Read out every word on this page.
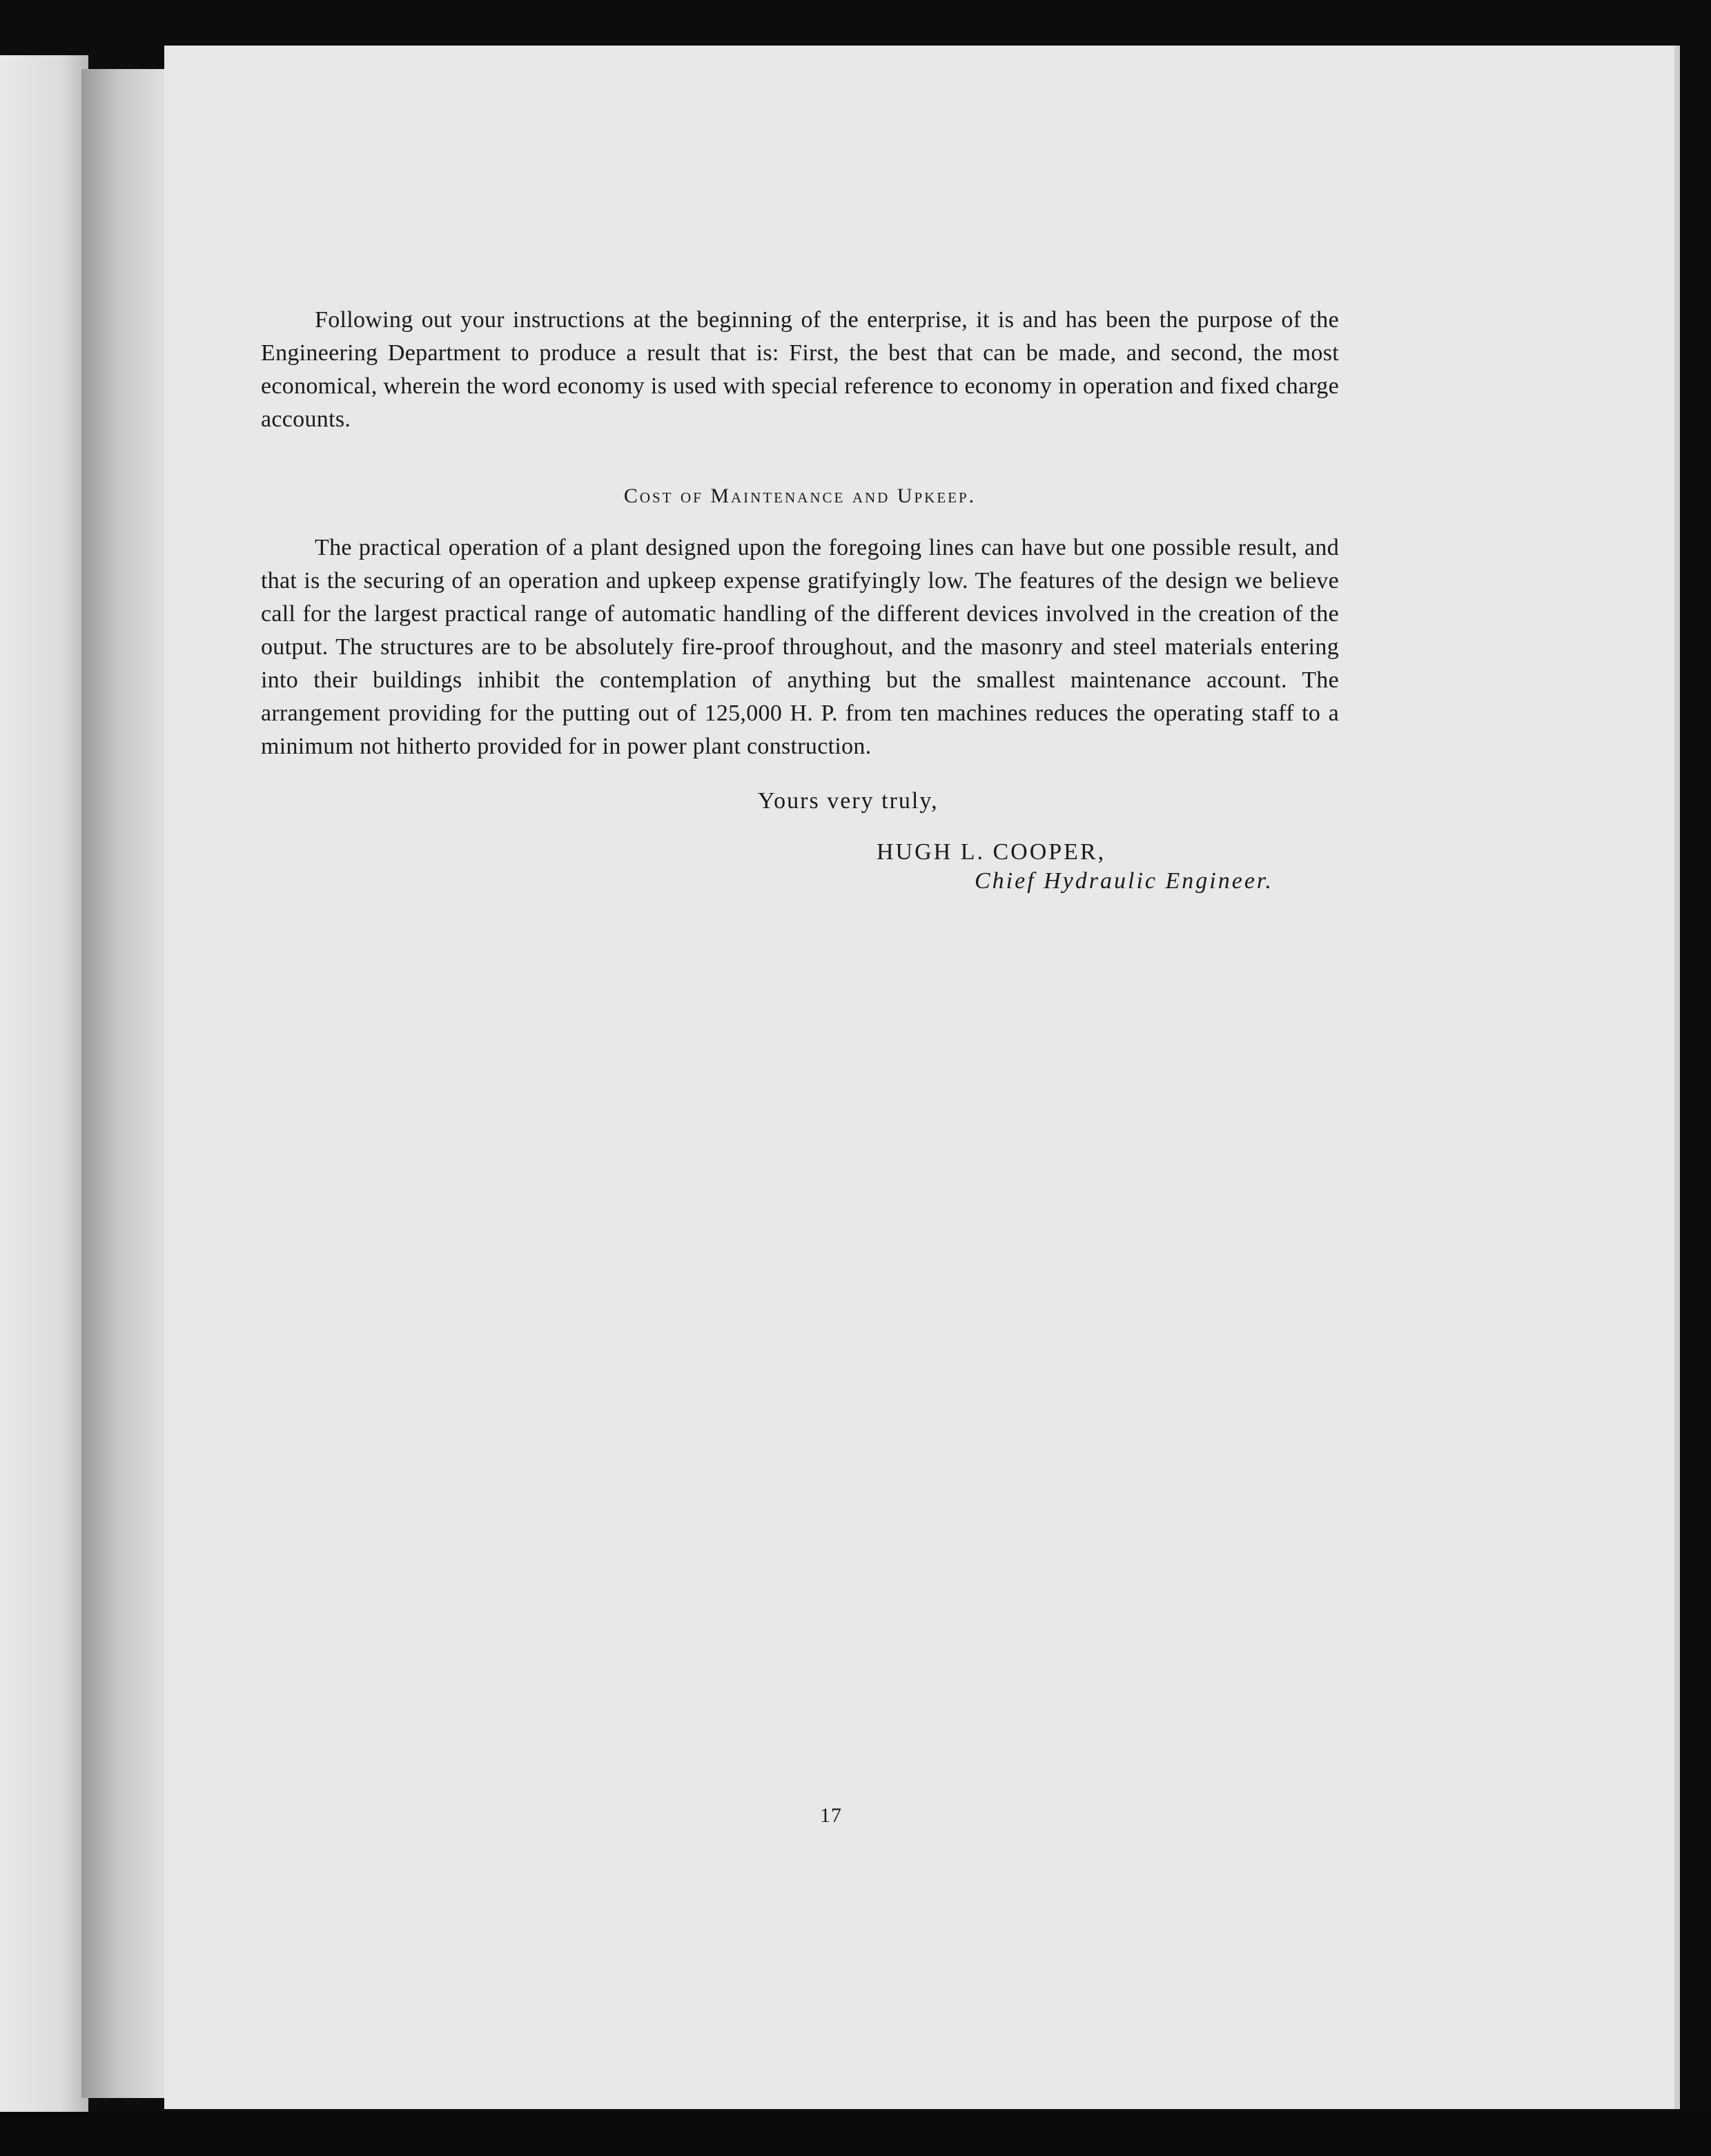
Following out your instructions at the beginning of the enterprise, it is and has been the purpose of the Engineering Department to produce a result that is: First, the best that can be made, and second, the most economical, wherein the word economy is used with special reference to economy in operation and fixed charge accounts.

Cost of Maintenance and Upkeep.

The practical operation of a plant designed upon the foregoing lines can have but one possible result, and that is the securing of an operation and upkeep expense gratifyingly low. The features of the design we believe call for the largest practical range of automatic handling of the different devices involved in the creation of the output. The structures are to be absolutely fire-proof throughout, and the masonry and steel materials entering into their buildings inhibit the contemplation of anything but the smallest maintenance account. The arrangement providing for the putting out of 125,000 H. P. from ten machines reduces the operating staff to a minimum not hitherto provided for in power plant construction.

Yours very truly,
HUGH L. COOPER,
Chief Hydraulic Engineer.
17
